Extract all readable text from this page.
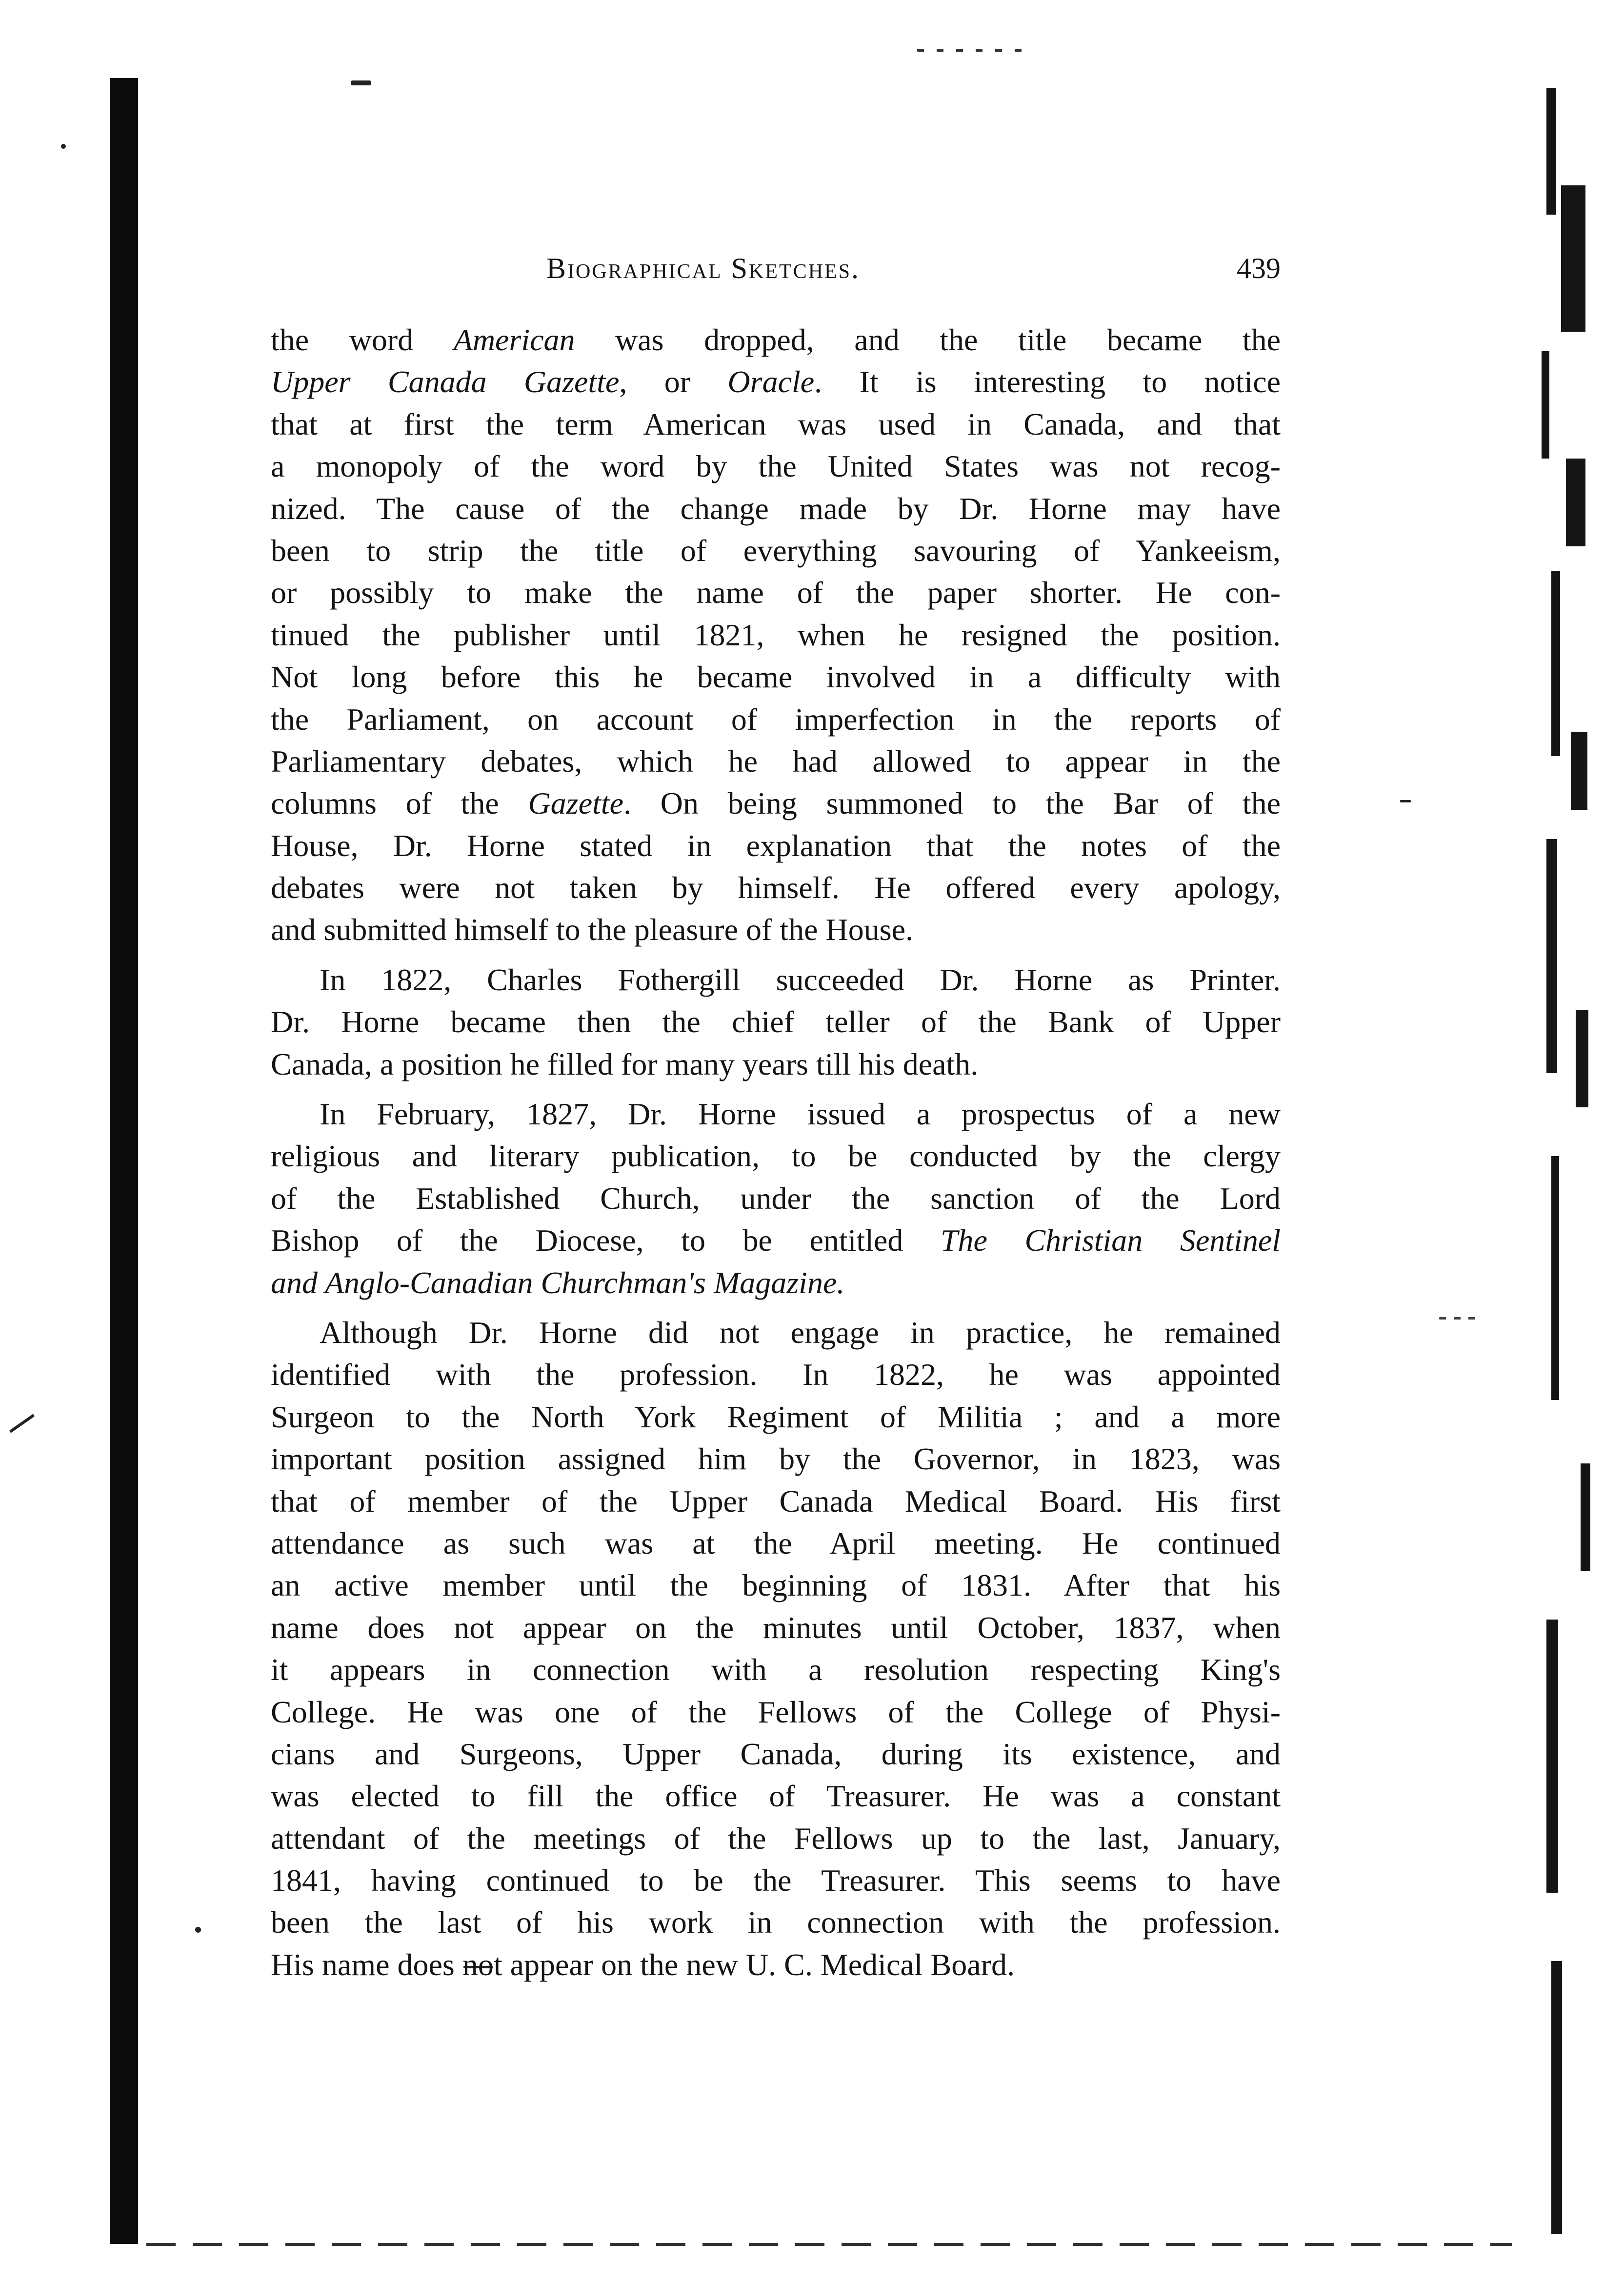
Biographical Sketches.	439
the word American was dropped, and the title became the
Upper Canada Gazette, or Oracle. It is interesting to notice
that at first the term American was used in Canada, and that
a monopoly of the word by the United States was not recog-
nized. The cause of the change made by Dr. Horne may have
been to strip the title of everything savouring of Yankeeism,
or possibly to make the name of the paper shorter. He con-
tinued the publisher until 1821, when he resigned the position.
Not long before this he became involved in a difficulty with
the Parliament, on account of imperfection in the reports of
Parliamentary debates, which he had allowed to appear in the
columns of the Gazette. On being summoned to the Bar of the
House, Dr. Horne stated in explanation that the notes of the
debates were not taken by himself. He offered every apology,
and submitted himself to the pleasure of the House.
In 1822, Charles Fothergill succeeded Dr. Horne as Printer.
Dr. Horne became then the chief teller of the Bank of Upper
Canada, a position he filled for many years till his death.
In February, 1827, Dr. Horne issued a prospectus of a new
religious and literary publication, to be conducted by the clergy
of the Established Church, under the sanction of the Lord
Bishop of the Diocese, to be entitled The Christian Sentinel
and Anglo-Canadian Churchman's Magazine.
Although Dr. Horne did not engage in practice, he remained
identified with the profession. In 1822, he was appointed
Surgeon to the North York Regiment of Militia ; and a more
important position assigned him by the Governor, in 1823, was
that of member of the Upper Canada Medical Board. His first
attendance as such was at the April meeting. He continued
an active member until the beginning of 1831. After that his
name does not appear on the minutes until October, 1837, when
it appears in connection with a resolution respecting King's
College. He was one of the Fellows of the College of Physi-
cians and Surgeons, Upper Canada, during its existence, and
was elected to fill the office of Treasurer. He was a constant
attendant of the meetings of the Fellows up to the last, January,
1841, having continued to be the Treasurer. This seems to have
been the last of his work in connection with the profession.
His name does not appear on the new U. C. Medical Board.
